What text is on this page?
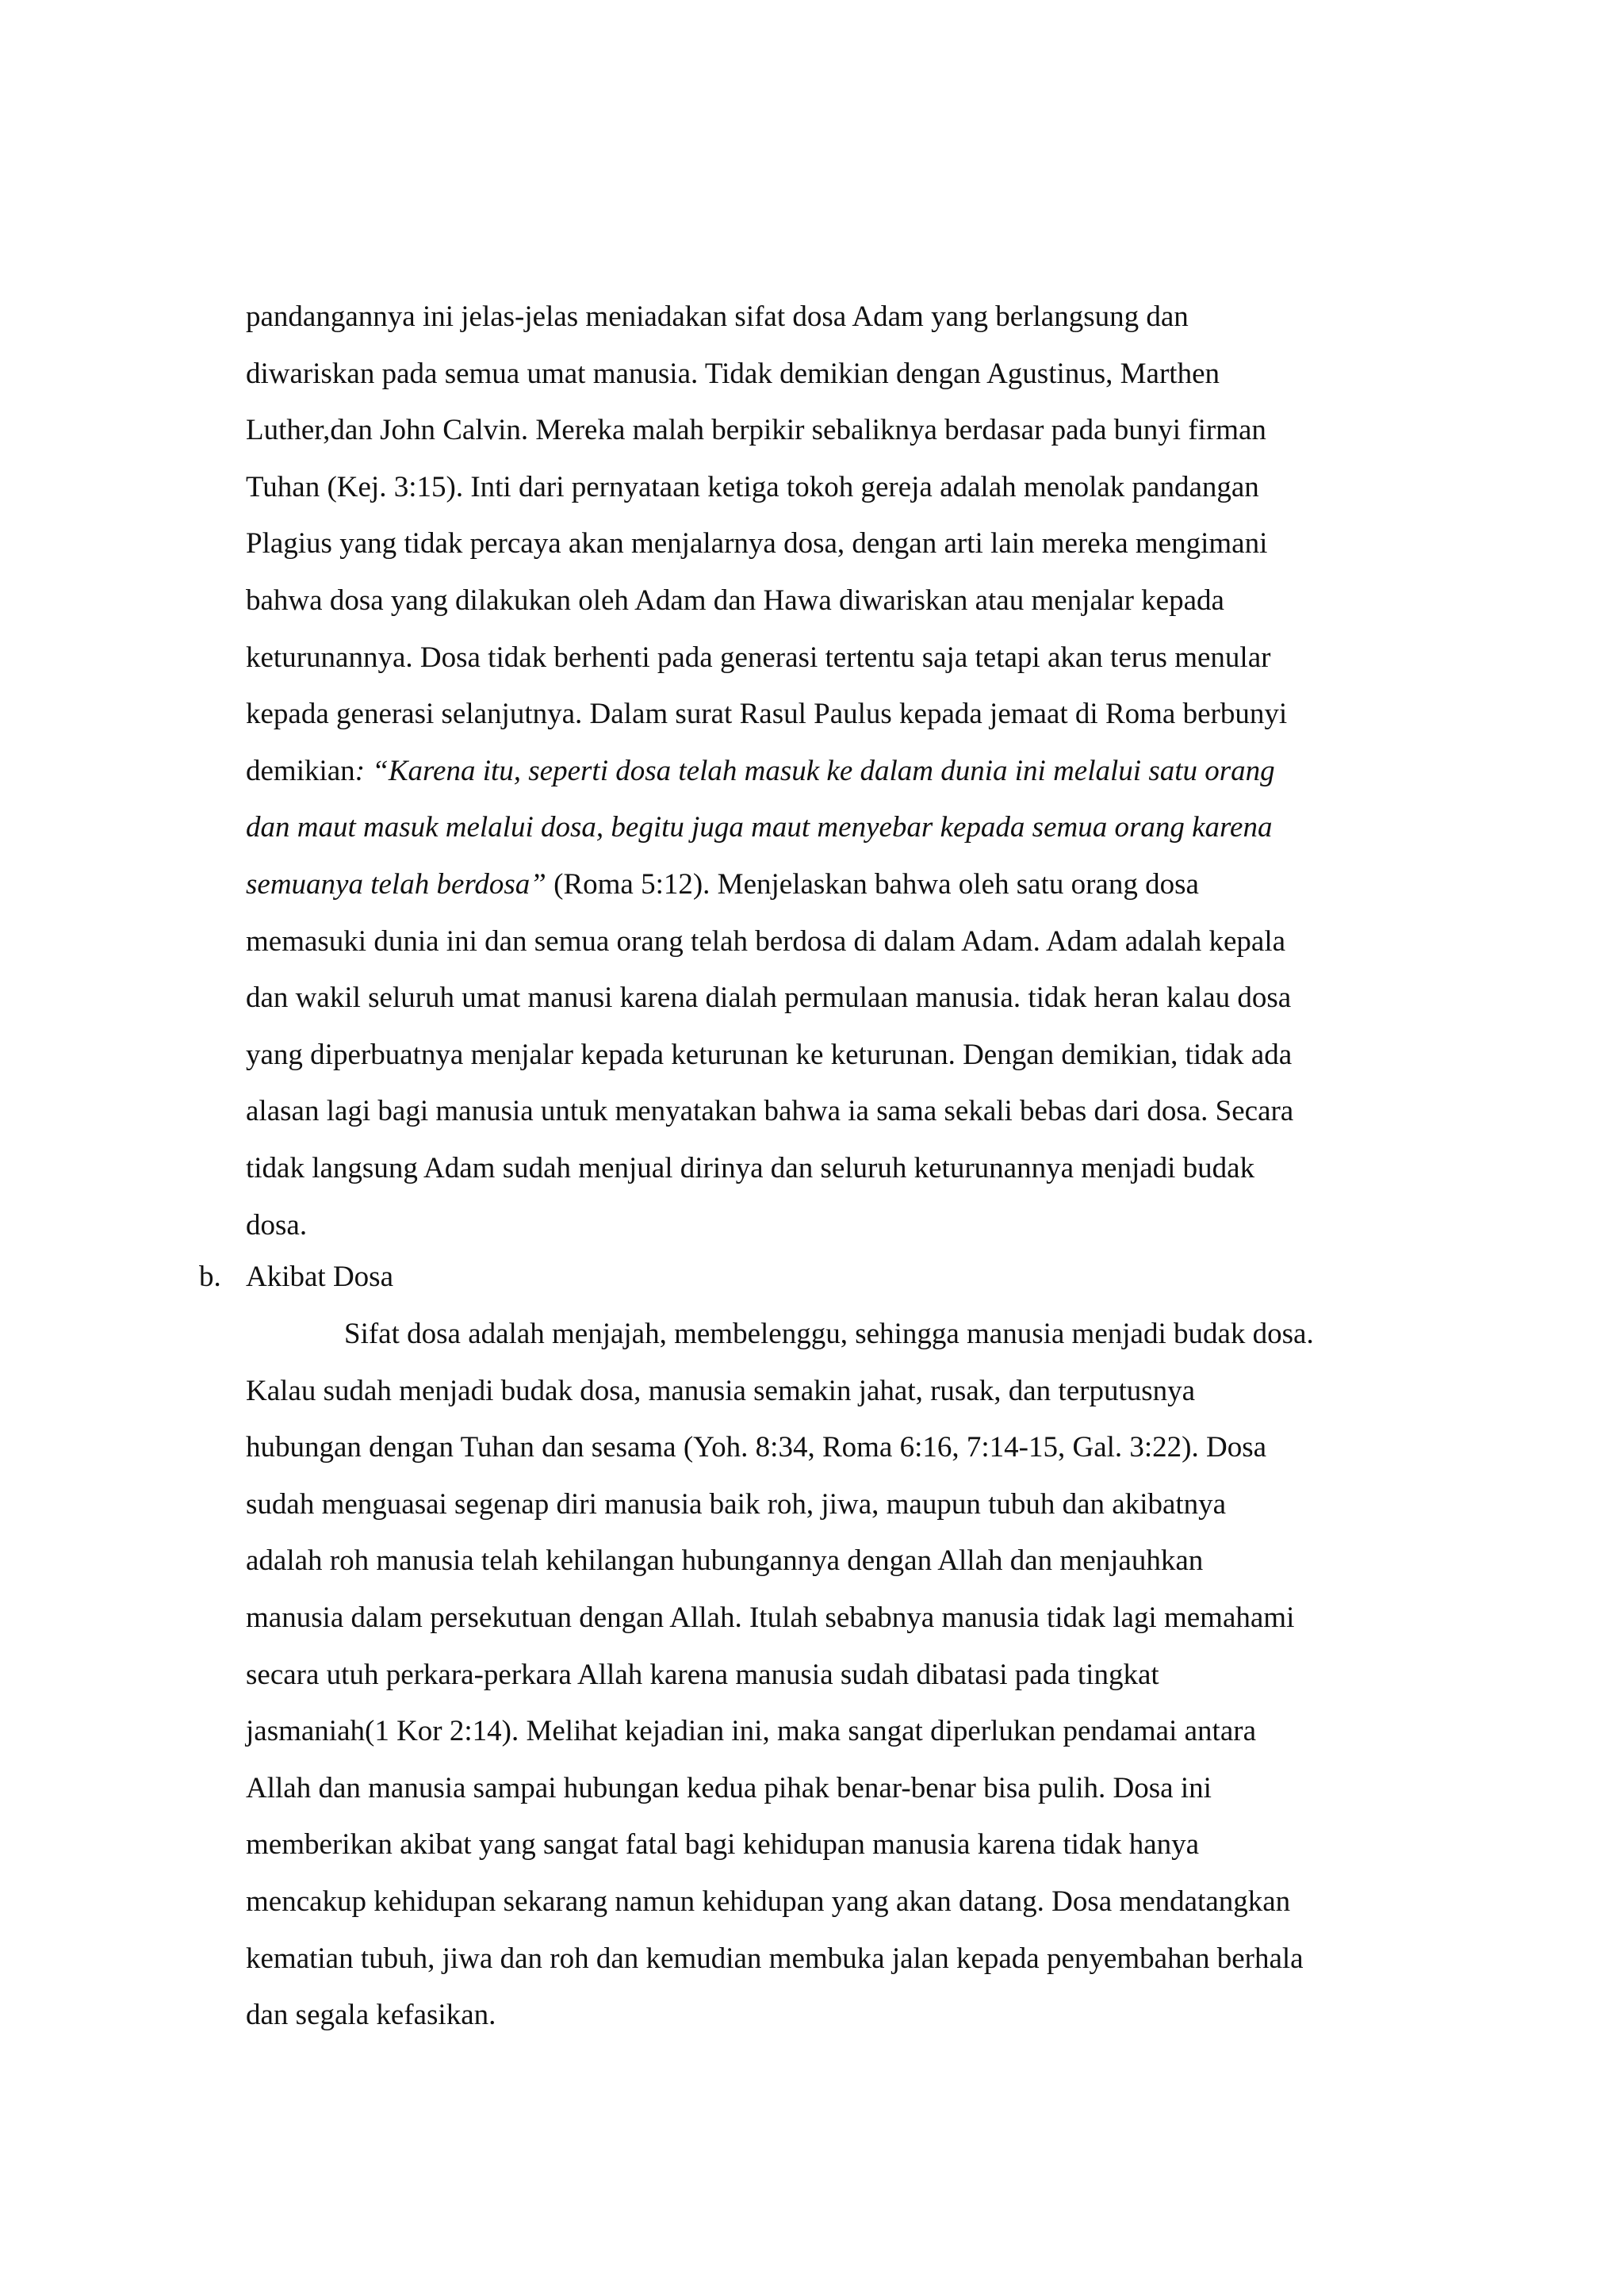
pandangannya ini jelas-jelas meniadakan sifat dosa Adam yang berlangsung dan
diwariskan pada semua umat manusia. Tidak demikian dengan Agustinus, Marthen
Luther,dan John Calvin. Mereka malah berpikir sebaliknya berdasar pada bunyi firman
Tuhan (Kej. 3:15). Inti dari pernyataan ketiga tokoh gereja adalah menolak pandangan
Plagius yang tidak percaya akan menjalarnya dosa, dengan arti lain mereka mengimani
bahwa dosa yang dilakukan oleh Adam dan Hawa diwariskan atau menjalar kepada
keturunannya. Dosa tidak berhenti pada generasi tertentu saja tetapi akan terus menular
kepada generasi selanjutnya. Dalam surat Rasul Paulus kepada jemaat di Roma berbunyi
demikian: “Karena itu, seperti dosa telah masuk ke dalam dunia ini melalui satu orang
dan maut masuk melalui dosa, begitu juga maut menyebar kepada semua orang karena
semuanya telah berdosa” (Roma 5:12). Menjelaskan bahwa oleh satu orang dosa
memasuki dunia ini dan semua orang telah berdosa di dalam Adam. Adam adalah kepala
dan wakil seluruh umat manusi karena dialah permulaan manusia. tidak heran kalau dosa
yang diperbuatnya menjalar kepada keturunan ke keturunan. Dengan demikian, tidak ada
alasan lagi bagi manusia untuk menyatakan bahwa ia sama sekali bebas dari dosa. Secara
tidak langsung Adam sudah menjual dirinya dan seluruh keturunannya menjadi budak
dosa.
b. Akibat Dosa
Sifat dosa adalah menjajah, membelenggu, sehingga manusia menjadi budak dosa.
Kalau sudah menjadi budak dosa, manusia semakin jahat, rusak, dan terputusnya
hubungan dengan Tuhan dan sesama (Yoh. 8:34, Roma 6:16, 7:14-15, Gal. 3:22). Dosa
sudah menguasai segenap diri manusia baik roh, jiwa, maupun tubuh dan akibatnya
adalah roh manusia telah kehilangan hubungannya dengan Allah dan menjauhkan
manusia dalam persekutuan dengan Allah. Itulah sebabnya manusia tidak lagi memahami
secara utuh perkara-perkara Allah karena manusia sudah dibatasi pada tingkat
jasmaniah(1 Kor 2:14). Melihat kejadian ini, maka sangat diperlukan pendamai antara
Allah dan manusia sampai hubungan kedua pihak benar-benar bisa pulih. Dosa ini
memberikan akibat yang sangat fatal bagi kehidupan manusia karena tidak hanya
mencakup kehidupan sekarang namun kehidupan yang akan datang. Dosa mendatangkan
kematian tubuh, jiwa dan roh dan kemudian membuka jalan kepada penyembahan berhala
dan segala kefasikan.
